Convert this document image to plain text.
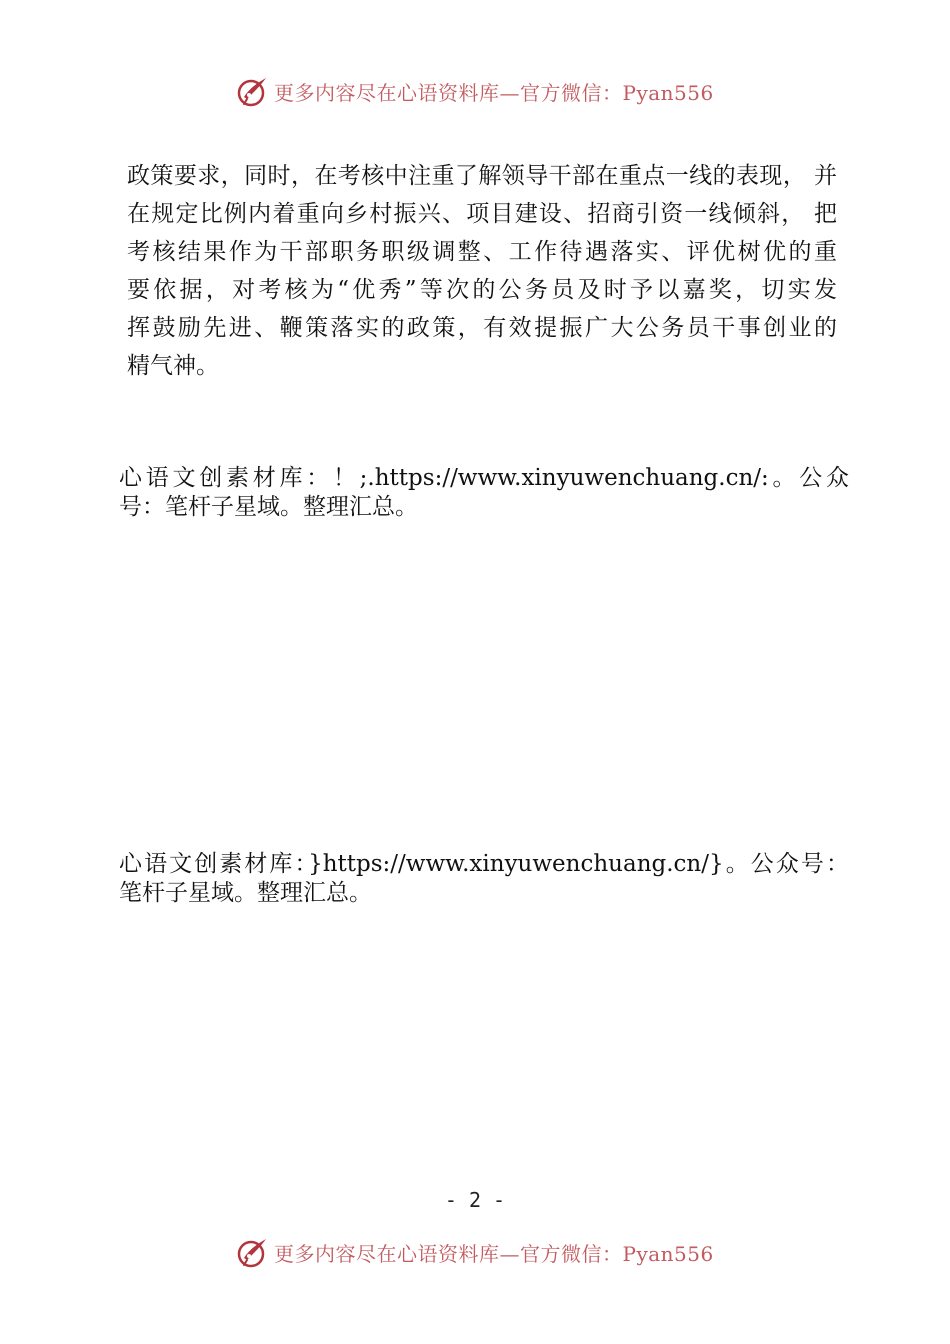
更多内容尽在心语资料库—官方微信：Pyan556
政策要求，同时，在考核中注重了解领导干部在重点一线的表现， 并
在规定比例内着重向乡村振兴、项目建设、招商引资一线倾斜， 把
考核结果作为干部职务职级调整、工作待遇落实、评优树优的重
要依据，对考核为“优秀”等次的公务员及时予以嘉奖，切实发
挥鼓励先进、鞭策落实的政策，有效提振广大公务员干事创业的
精气神。
心语文创素材库：！;.https://www.xinyuwenchuang.cn/:。公众
号：笔杆子星域。整理汇总。
心语文创素材库：}https://www.xinyuwenchuang.cn/}。公众号：
笔杆子星域。整理汇总。
- 2 -
更多内容尽在心语资料库—官方微信：Pyan556
